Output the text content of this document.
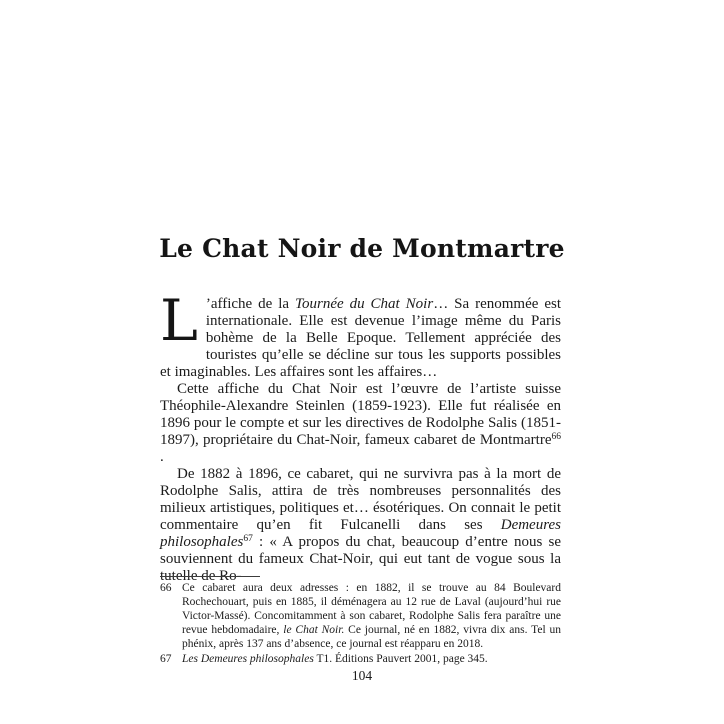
Le Chat Noir de Montmartre

L ’affiche de la Tournée du Chat Noir… Sa renommée est internationale. Elle est devenue l’image même du Paris bohème de la Belle Epoque. Tellement appréciée des touristes qu’elle se décline sur tous les supports possibles et imaginables. Les affaires sont les affaires…

Cette affiche du Chat Noir est l’œuvre de l’artiste suisse Théophile-Alexandre Steinlen (1859-1923). Elle fut réalisée en 1896 pour le compte et sur les directives de Rodolphe Salis (1851-1897), propriétaire du Chat-Noir, fameux cabaret de Montmartre$^{66}$ .

De 1882 à 1896, ce cabaret, qui ne survivra pas à la mort de Rodolphe Salis, attira de très nombreuses personnalités des milieux artistiques, politiques et… ésotériques. On connait le petit commentaire qu’en fit Fulcanelli dans ses Demeures philosophales$^{67}$ : « A propos du chat, beaucoup d’entre nous se souviennent du fameux Chat-Noir, qui eut tant de vogue sous la tutelle de Ro-

66 Ce cabaret aura deux adresses : en 1882, il se trouve au 84 Boulevard Rochechouart, puis en 1885, il déménagera au 12 rue de Laval (aujourd’hui rue Victor-Massé). Concomitamment à son cabaret, Rodolphe Salis fera paraître une revue hebdomadaire, le Chat Noir. Ce journal, né en 1882, vivra dix ans. Tel un phénix, après 137 ans d’absence, ce journal est réapparu en 2018.
67 Les Demeures philosophales T1. Éditions Pauvert 2001, page 345.
104
